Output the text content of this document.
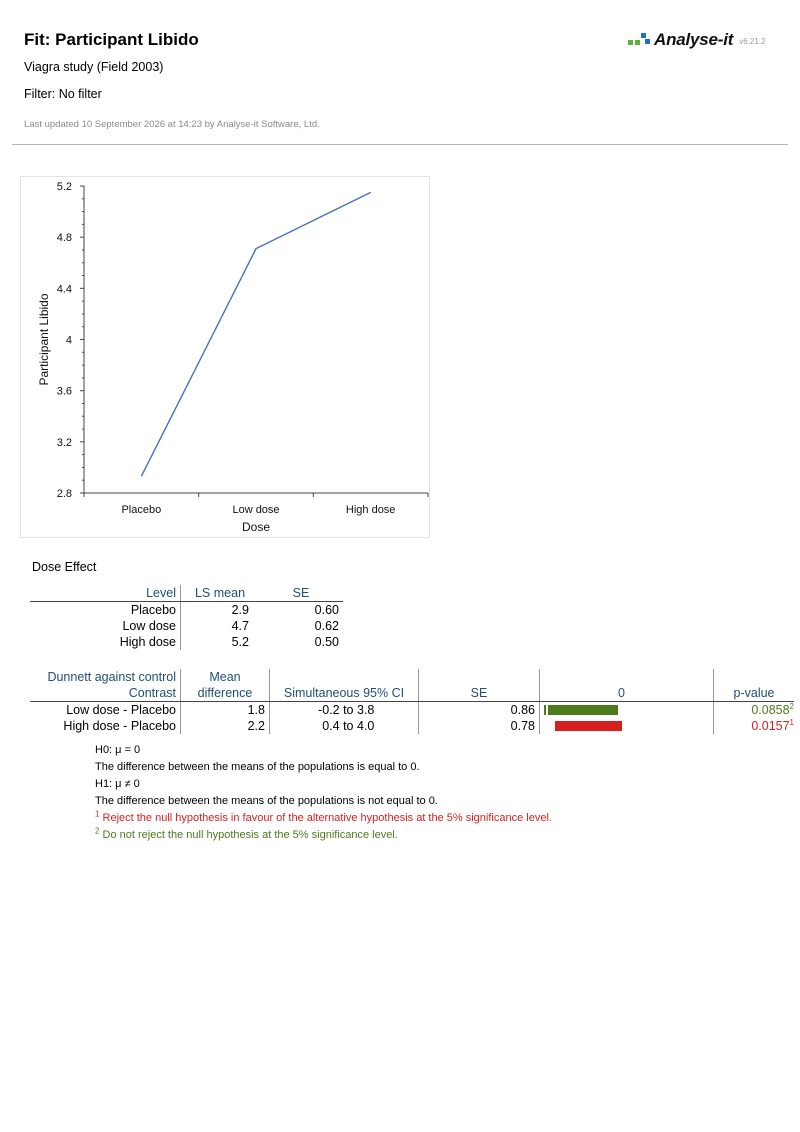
Fit: Participant Libido
Viagra study (Field 2003)
Filter: No filter
Last updated 10 September 2026 at 14:23 by Analyse-it Software, Ltd.
Analyse-it v6.21.2
2.8
3.2
3.6
4
4.4
4.8
5.2
Placebo	Low dose	High dose
Dose
Participant Libido
Dose Effect
Level	LS mean	SE
Placebo	2.9	0.60
Low dose	4.7	0.62
High dose	5.2	0.50
Dunnett against control	Mean				
Contrast	difference	Simultaneous 95% CI	SE	0	p-value
Low dose - Placebo	1.8	-0.2 to 3.8	0.86		0.0858$^2$
High dose - Placebo	2.2	0.4 to 4.0	0.78		0.0157$^1$
H0: μ = 0
The difference between the means of the populations is equal to 0.
H1: μ ≠ 0
The difference between the means of the populations is not equal to 0.
$^1$ Reject the null hypothesis in favour of the alternative hypothesis at the 5% significance level.
$^2$ Do not reject the null hypothesis at the 5% significance level.
